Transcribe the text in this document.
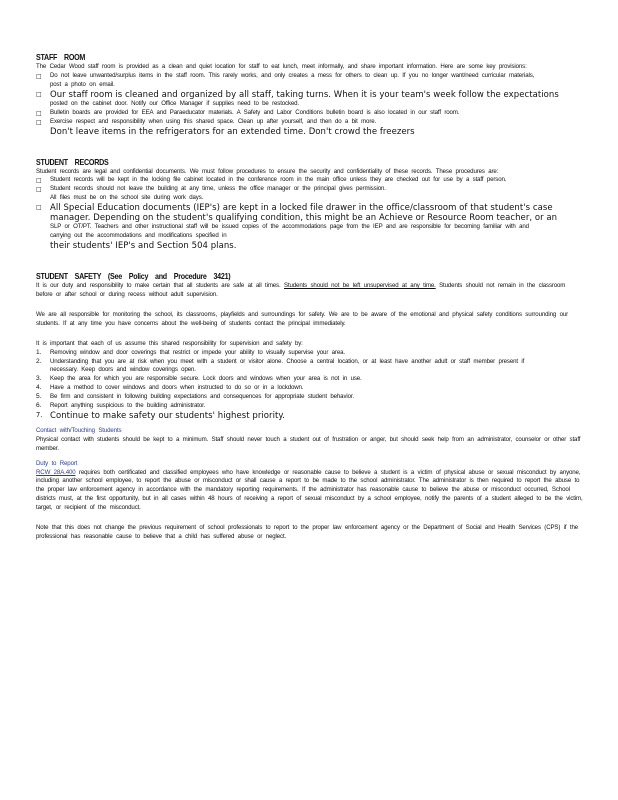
STAFF ROOM
The Cedar Wood staff room is provided as a clean and quiet location for staff to eat lunch, meet informally, and share important information. Here are some key provisions:
□	Do not leave unwanted/surplus items in the staff room. This rarely works, and only creates a mess for others to clean up. If you no longer want/need curricular materials, post a photo on email.
□ Our staff room is cleaned and organized by all staff, taking turns. When it is your team's week follow the expectations
posted on the cabinet door. Notify our Office Manager if supplies need to be restocked.
□	Bulletin boards are provided for EEA and Paraeducator materials. A Safety and Labor Conditions bulletin board is also located in our staff room.
□	Exercise respect and responsibility when using this shared space. Clean up after yourself, and then do a bit more.
Don't leave items in the refrigerators for an extended time. Don't crowd the freezers
STUDENT RECORDS
Student records are legal and confidential documents. We must follow procedures to ensure the security and confidentiality of these records. These procedures are:
□	Student records will be kept in the locking file cabinet located in the conference room in the main office unless they are checked out for use by a staff person.
□	Student records should not leave the building at any time, unless the office manager or the principal gives permission.
All files must be on the school site during work days.
□ All Special Education documents (IEP's) are kept in a locked file drawer in the office/classroom of that student's case manager. Depending on the student's qualifying condition, this might be an Achieve or Resource Room teacher, or an
SLP or OT/PT. Teachers and other instructional staff will be issued copies of the accommodations page from the IEP and are responsible for becoming familiar with and carrying out the accommodations and modifications specified in
their students' IEP's and Section 504 plans.
STUDENT SAFETY (See Policy and Procedure 3421)

It is our duty and responsibility to make certain that all students are safe at all times. Students should not be left unsupervised at any time. Students should not remain in the classroom before or after school or during recess without adult supervision.

We are all responsible for monitoring the school, its classrooms, playfields and surroundings for safety. We are to be aware of the emotional and physical safety conditions surrounding our students. If at any time you have concerns about the well-being of students contact the principal immediately.

It is important that each of us assume this shared responsibility for supervision and safety by:

1.	Removing window and door coverings that restrict or impede your ability to visually supervise your area.
2.	Understanding that you are at risk when you meet with a student or visitor alone. Choose a central location, or at least have another adult or staff member present if necessary. Keep doors and window coverings open.
3.	Keep the area for which you are responsible secure. Lock doors and windows when your area is not in use.
4.	Have a method to cover windows and doors when instructed to do so or in a lockdown.
5.	Be firm and consistent in following building expectations and consequences for appropriate student behavior.
6.	Report anything suspicious to the building administrator.
7. Continue to make safety our students' highest priority.
Contact with/Touching Students

Physical contact with students should be kept to a minimum. Staff should never touch a student out of frustration or anger, but should seek help from an administrator, counselor or other staff member.

Duty to Report

RCW 28A.400 requires both certificated and classified employees who have knowledge or reasonable cause to believe a student is a victim of physical abuse or sexual misconduct by anyone, including another school employee, to report the abuse or misconduct or shall cause a report to be made to the school administrator. The administrator is then required to report the abuse to the proper law enforcement agency in accordance with the mandatory reporting requirements. If the administrator has reasonable cause to believe the abuse or misconduct occurred, School districts must, at the first opportunity, but in all cases within 48 hours of receiving a report of sexual misconduct by a school employee, notify the parents of a student alleged to be the victim, target, or recipient of the misconduct.

Note that this does not change the previous requirement of school professionals to report to the proper law enforcement agency or the Department of Social and Health Services (CPS) if the professional has reasonable cause to believe that a child has suffered abuse or neglect.
